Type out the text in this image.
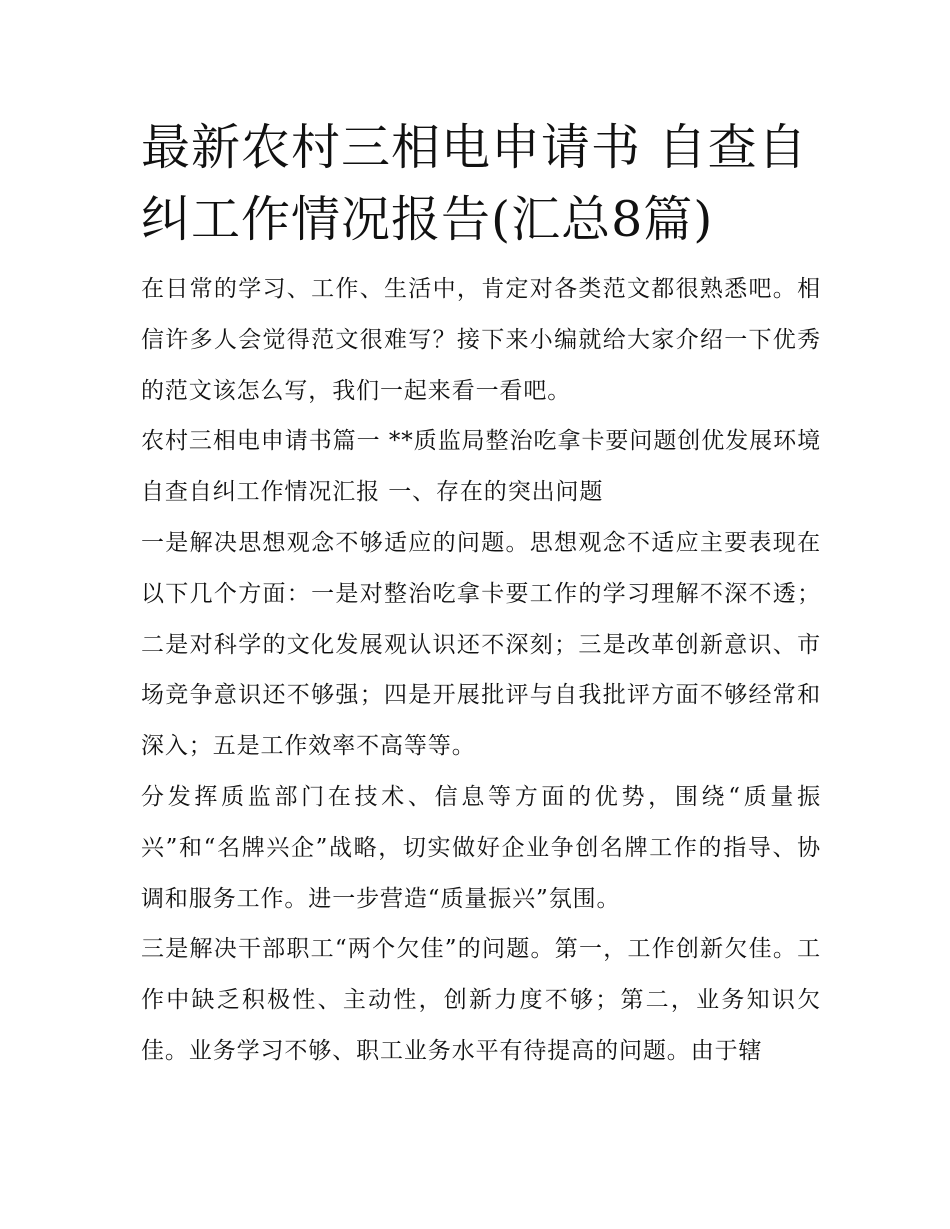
最新农村三相电申请书 自查自纠工作情况报告(汇总8篇)

在日常的学习、工作、生活中，肯定对各类范文都很熟悉吧。相信许多人会觉得范文很难写？接下来小编就给大家介绍一下优秀的范文该怎么写，我们一起来看一看吧。

农村三相电申请书篇一 **质监局整治吃拿卡要问题创优发展环境 自查自纠工作情况汇报 一、存在的突出问题

一是解决思想观念不够适应的问题。思想观念不适应主要表现在以下几个方面：一是对整治吃拿卡要工作的学习理解不深不透；二是对科学的文化发展观认识还不深刻；三是改革创新意识、市场竞争意识还不够强；四是开展批评与自我批评方面不够经常和深入；五是工作效率不高等等。

分发挥质监部门在技术、信息等方面的优势，围绕“质量振兴”和“名牌兴企”战略，切实做好企业争创名牌工作的指导、协调和服务工作。进一步营造“质量振兴”氛围。

三是解决干部职工“两个欠佳”的问题。第一，工作创新欠佳。工作中缺乏积极性、主动性，创新力度不够；第二，业务知识欠佳。业务学习不够、职工业务水平有待提高的问题。由于辖
